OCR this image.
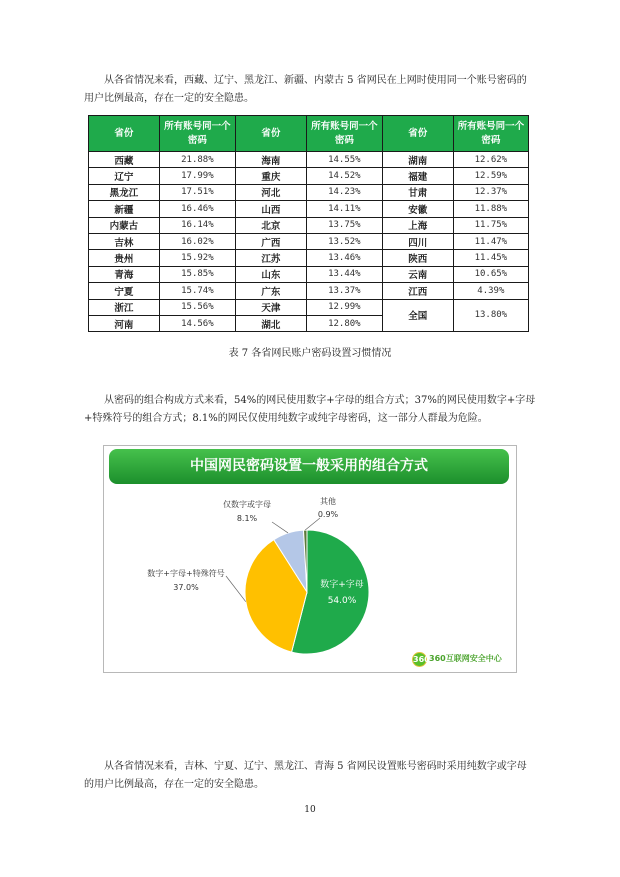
从各省情况来看，西藏、辽宁、黑龙江、新疆、内蒙古 5 省网民在上网时使用同一个账号密码的用户比例最高，存在一定的安全隐患。
省份	所有账号同一个密码	省份	所有账号同一个密码	省份	所有账号同一个密码
西藏	21.88%	海南	14.55%	湖南	12.62%
辽宁	17.99%	重庆	14.52%	福建	12.59%
黑龙江	17.51%	河北	14.23%	甘肃	12.37%
新疆	16.46%	山西	14.11%	安徽	11.88%
内蒙古	16.14%	北京	13.75%	上海	11.75%
吉林	16.02%	广西	13.52%	四川	11.47%
贵州	15.92%	江苏	13.46%	陕西	11.45%
青海	15.85%	山东	13.44%	云南	10.65%
宁夏	15.74%	广东	13.37%	江西	4.39%
浙江	15.56%	天津	12.99%	全国	13.80%
河南	14.56%	湖北	12.80%		
表 7 各省网民账户密码设置习惯情况
从密码的组合构成方式来看，54%的网民使用数字+字母的组合方式；37%的网民使用数字+字母+特殊符号的组合方式；8.1%的网民仅使用纯数字或纯字母密码，这一部分人群最为危险。
中国网民密码设置一般采用的组合方式
数字+字母
54.0%
数字+字母+特殊符号
37.0%
仅数字或字母
8.1%
其他
0.9%
360 360互联网安全中心
从各省情况来看，吉林、宁夏、辽宁、黑龙江、青海 5 省网民设置账号密码时采用纯数字或字母的用户比例最高，存在一定的安全隐患。
10
